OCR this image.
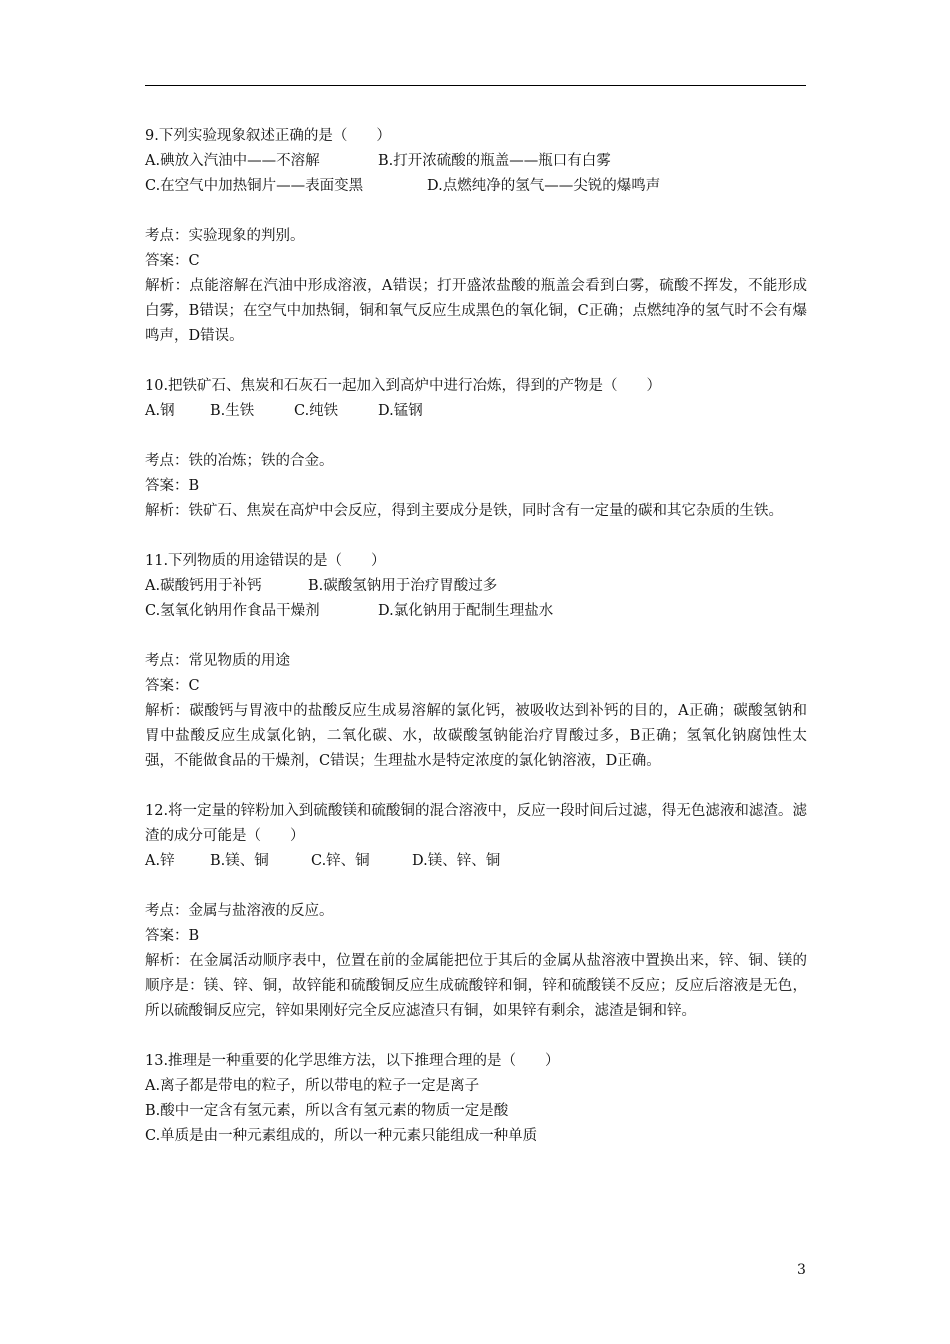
9.下列实验现象叙述正确的是（　　）

A.碘放入汽油中——不溶解	B.打开浓硫酸的瓶盖——瓶口有白雾

C.在空气中加热铜片——表面变黑	D.点燃纯净的氢气——尖锐的爆鸣声

考点：实验现象的判别。

答案：C

解析：点能溶解在汽油中形成溶液，A错误；打开盛浓盐酸的瓶盖会看到白雾，硫酸不挥发，不能形成白雾，B错误；在空气中加热铜，铜和氧气反应生成黑色的氧化铜，C正确；点燃纯净的氢气时不会有爆鸣声，D错误。

10.把铁矿石、焦炭和石灰石一起加入到高炉中进行冶炼，得到的产物是（　　）

A.钢 B.生铁	C.纯铁	D.锰钢

考点：铁的冶炼；铁的合金。

答案：B

解析：铁矿石、焦炭在高炉中会反应，得到主要成分是铁，同时含有一定量的碳和其它杂质的生铁。

11.下列物质的用途错误的是（　　）

A.碳酸钙用于补钙	B.碳酸氢钠用于治疗胃酸过多

C.氢氧化钠用作食品干燥剂	D.氯化钠用于配制生理盐水

考点：常见物质的用途

答案：C

解析：碳酸钙与胃液中的盐酸反应生成易溶解的氯化钙，被吸收达到补钙的目的，A正确；碳酸氢钠和胃中盐酸反应生成氯化钠，二氧化碳、水，故碳酸氢钠能治疗胃酸过多，B正确；氢氧化钠腐蚀性太强，不能做食品的干燥剂，C错误；生理盐水是特定浓度的氯化钠溶液，D正确。

12.将一定量的锌粉加入到硫酸镁和硫酸铜的混合溶液中，反应一段时间后过滤，得无色滤液和滤渣。滤渣的成分可能是（　　）

A.锌 B.镁、铜	C.锌、铜	D.镁、锌、铜

考点：金属与盐溶液的反应。

答案：B

解析：在金属活动顺序表中，位置在前的金属能把位于其后的金属从盐溶液中置换出来，锌、铜、镁的顺序是：镁、锌、铜，故锌能和硫酸铜反应生成硫酸锌和铜，锌和硫酸镁不反应；反应后溶液是无色，所以硫酸铜反应完，锌如果刚好完全反应滤渣只有铜，如果锌有剩余，滤渣是铜和锌。

13.推理是一种重要的化学思维方法，以下推理合理的是（　　）

A.离子都是带电的粒子，所以带电的粒子一定是离子

B.酸中一定含有氢元素，所以含有氢元素的物质一定是酸

C.单质是由一种元素组成的，所以一种元素只能组成一种单质

3
